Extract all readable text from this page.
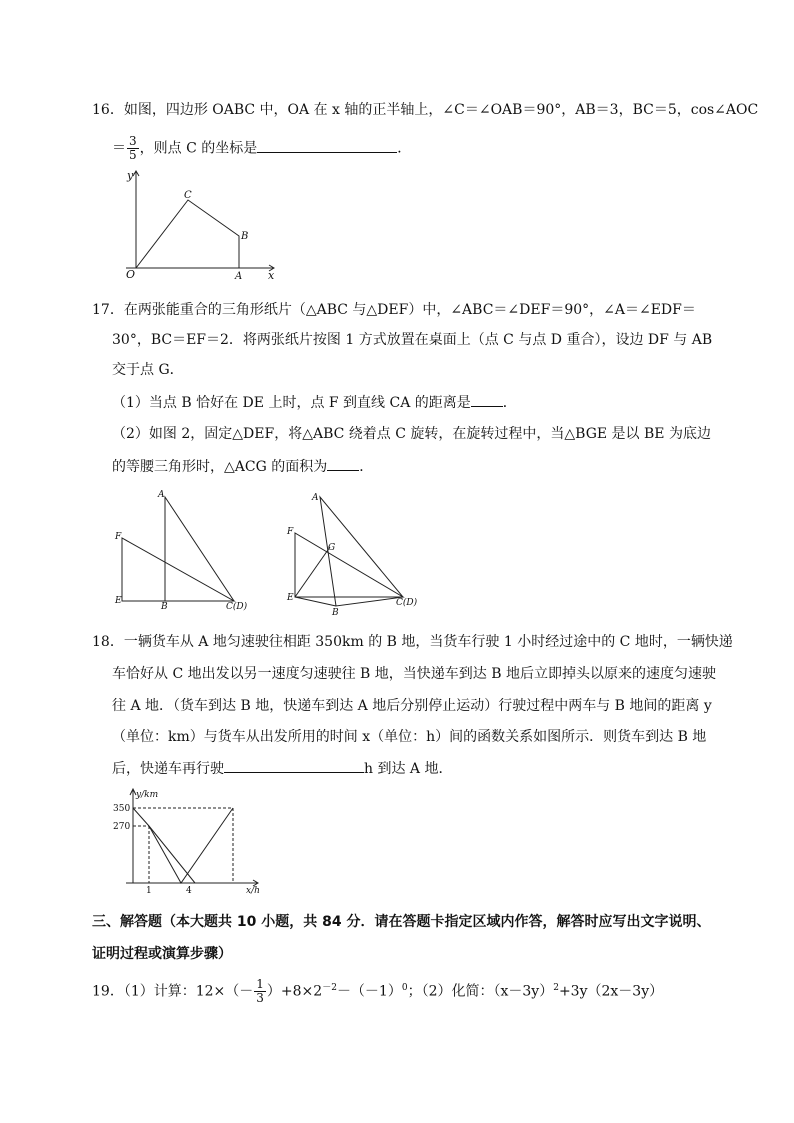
16．如图，四边形 OABC 中，OA 在 x 轴的正半轴上，∠C＝∠OAB＝90°，AB＝3，BC＝5，cos∠AOC
＝ $\frac{3}{5}$ ，则点 C 的坐标是	．
y
x
O	A
B
C
17．在两张能重合的三角形纸片（△ABC 与△DEF）中，∠ABC＝∠DEF＝90°，∠A＝∠EDF＝
30°，BC＝EF＝2．将两张纸片按图 1 方式放置在桌面上（点 C 与点 D 重合），设边 DF 与 AB
交于点 G．
（1）当点 B 恰好在 DE 上时，点 F 到直线 CA 的距离是 ．
（2）如图 2，固定△DEF，将△ABC 绕着点 C 旋转，在旋转过程中，当△BGE 是以 BE 为底边
的等腰三角形时，△ACG 的面积为 ．
A
F
E
B	C(D)
A
F
G
E
B
C(D)
18．一辆货车从 A 地匀速驶往相距 350km 的 B 地，当货车行驶 1 小时经过途中的 C 地时，一辆快递
车恰好从 C 地出发以另一速度匀速驶往 B 地，当快递车到达 B 地后立即掉头以原来的速度匀速驶
往 A 地．（货车到达 B 地，快递车到达 A 地后分别停止运动）行驶过程中两车与 B 地间的距离 y
（单位：km）与货车从出发所用的时间 x（单位：h）间的函数关系如图所示．则货车到达 B 地
后，快递车再行驶	h 到达 A 地．
y/km
x/h
350
270
1	4
三、解答题（本大题共 10 小题，共 84 分．请在答题卡指定区域内作答，解答时应写出文字说明、
证明过程或演算步骤）
19．（1）计算：$12\times(- \frac{1}{3} )+8\times 2^{-2}-(-1)^0$；（2）化简：$(x-3y)^2+3y(2x-3y)$
